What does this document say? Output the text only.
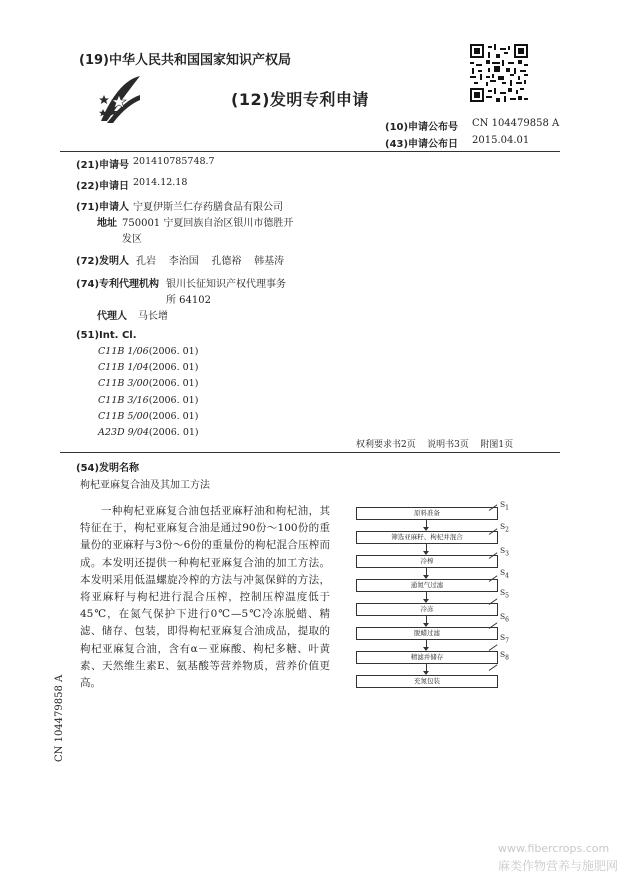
(19)中华人民共和国国家知识产权局
(12)发明专利申请
(10)申请公布号 CN 104479858 A
(43)申请公布日 2015.04.01
(21)申请号 201410785748.7
(22)申请日 2014.12.18
(71)申请人 宁夏伊斯兰仁存药膳食品有限公司
地址 750001 宁夏回族自治区银川市德胜开
发区
(72)发明人 孔岩    李治国    孔德裕    韩基涛
(74)专利代理机构 银川长征知识产权代理事务
所 64102
代理人 马长增
(51)Int. Cl.
C11B 1/06(2006. 01)
C11B 1/04(2006. 01)
C11B 3/00(2006. 01)
C11B 3/16(2006. 01)
C11B 5/00(2006. 01)
A23D 9/04(2006. 01)
权利要求书2页    说明书3页    附图1页
(54)发明名称
枸杞亚麻复合油及其加工方法

一种枸杞亚麻复合油包括亚麻籽油和枸杞油，其特征在于，枸杞亚麻复合油是通过90份～100份的重量份的亚麻籽与3份～6份的重量份的枸杞混合压榨而成。本发明还提供一种枸杞亚麻复合油的加工方法。本发明采用低温螺旋冷榨的方法与冲氮保鲜的方法，将亚麻籽与枸杞进行混合压榨，控制压榨温度低于45℃，在氮气保护下进行0℃—5℃冷冻脱蜡、精滤、储存、包装，即得枸杞亚麻复合油成品，提取的枸杞亚麻复合油，含有α－亚麻酸、枸杞多糖、叶黄素、天然维生素E、氨基酸等营养物质，营养价值更高。

原料准备
$S_1$
筛选亚麻籽、枸杞并混合
$S_2$
冷榨
$S_3$
通氮气过滤
$S_4$
冷冻
$S_5$
脱蜡过滤
$S_6$
精滤并储存
$S_7$
充氮包装
$S_8$
CN 104479858 A
www.fibercrops.com
麻类作物营养与施肥网
